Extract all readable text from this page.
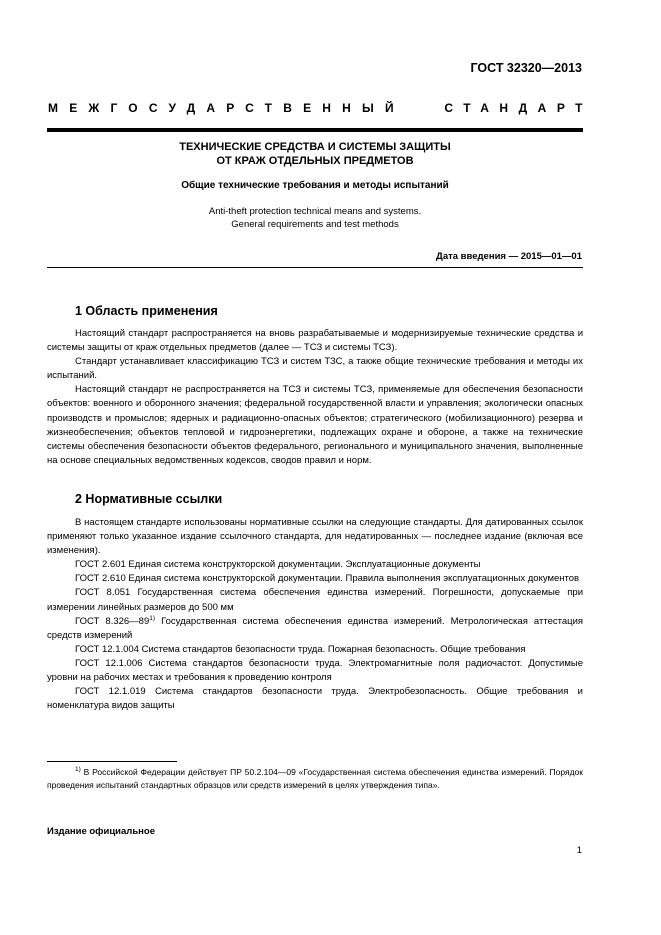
ГОСТ 32320—2013
МЕЖГОСУДАРСТВЕННЫЙ	СТАНДАРТ
ТЕХНИЧЕСКИЕ СРЕДСТВА И СИСТЕМЫ ЗАЩИТЫ
ОТ КРАЖ ОТДЕЛЬНЫХ ПРЕДМЕТОВ
Общие технические требования и методы испытаний
Anti-theft protection technical means and systems.
General requirements and test methods
Дата введения — 2015—01—01
1 Область применения

Настоящий стандарт распространяется на вновь разрабатываемые и модернизируемые технические средства и системы защиты от краж отдельных предметов (далее — ТСЗ и системы ТСЗ).

Стандарт устанавливает классификацию ТСЗ и систем ТЗС, а также общие технические требования и методы их испытаний.

Настоящий стандарт не распространяется на ТСЗ и системы ТСЗ, применяемые для обеспечения безопасности объектов: военного и оборонного значения; федеральной государственной власти и управления; экологически опасных производств и промыслов; ядерных и радиационно-опасных объектов; стратегического (мобилизационного) резерва и жизнеобеспечения; объектов тепловой и гидроэнергетики, подлежащих охране и обороне, а также на технические системы обеспечения безопасности объектов федерального, регионального и муниципального значения, выполненные на основе специальных ведомственных кодексов, сводов правил и норм.

2 Нормативные ссылки

В настоящем стандарте использованы нормативные ссылки на следующие стандарты. Для датированных ссылок применяют только указанное издание ссылочного стандарта, для недатированных — последнее издание (включая все изменения).

ГОСТ 2.601 Единая система конструкторской документации. Эксплуатационные документы

ГОСТ 2.610 Единая система конструкторской документации. Правила выполнения эксплуатационных документов

ГОСТ 8.051 Государственная система обеспечения единства измерений. Погрешности, допускаемые при измерении линейных размеров до 500 мм

ГОСТ 8.326—89$^{1)}$ Государственная система обеспечения единства измерений. Метрологическая аттестация средств измерений

ГОСТ 12.1.004 Система стандартов безопасности труда. Пожарная безопасность. Общие требования

ГОСТ 12.1.006 Система стандартов безопасности труда. Электромагнитные поля радиочастот. Допустимые уровни на рабочих местах и требования к проведению контроля

ГОСТ 12.1.019 Система стандартов безопасности труда. Электробезопасность. Общие требования и номенклатура видов защиты

$^{1)}$ В Российской Федерации действует ПР 50.2.104—09 «Государственная система обеспечения единства измерений. Порядок проведения испытаний стандартных образцов или средств измерений в целях утверждения типа».
Издание официальное
1
